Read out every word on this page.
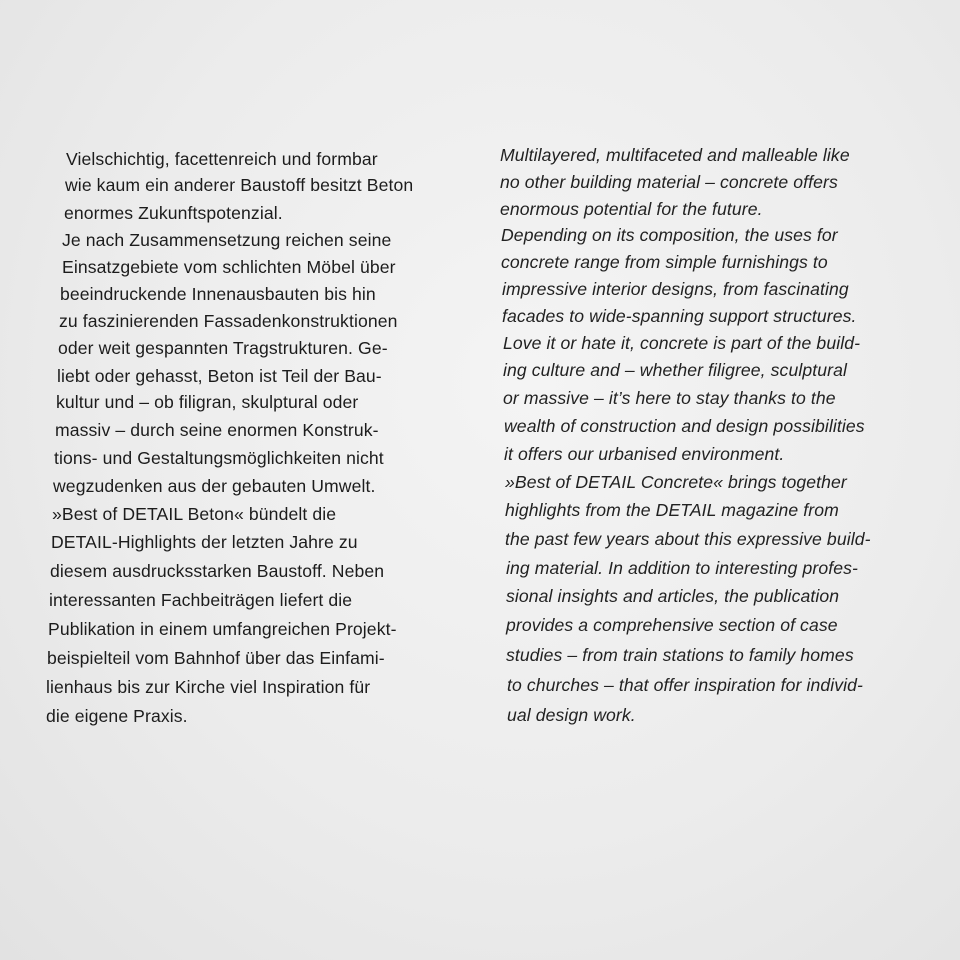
Vielschichtig, facettenreich und formbar
wie kaum ein anderer Baustoff besitzt Beton
enormes Zukunftspotenzial.
Je nach Zusammensetzung reichen seine
Einsatzgebiete vom schlichten Möbel über
beeindruckende Innenausbauten bis hin
zu faszinierenden Fassadenkonstruktionen
oder weit gespannten Tragstrukturen. Ge-
liebt oder gehasst, Beton ist Teil der Bau-
kultur und – ob filigran, skulptural oder
massiv – durch seine enormen Konstruk-
tions- und Gestaltungsmöglichkeiten nicht
wegzudenken aus der gebauten Umwelt.
»Best of DETAIL Beton« bündelt die
DETAIL-Highlights der letzten Jahre zu
diesem ausdrucksstarken Baustoff. Neben
interessanten Fachbeiträgen liefert die
Publikation in einem umfangreichen Projekt-
beispielteil vom Bahnhof über das Einfami-
lienhaus bis zur Kirche viel Inspiration für
die eigene Praxis.
Multilayered, multifaceted and malleable like
no other building material – concrete offers
enormous potential for the future.
Depending on its composition, the uses for
concrete range from simple furnishings to
impressive interior designs, from fascinating
facades to wide-spanning support structures.
Love it or hate it, concrete is part of the build-
ing culture and – whether filigree, sculptural
or massive – it’s here to stay thanks to the
wealth of construction and design possibilities
it offers our urbanised environment.
»Best of DETAIL Concrete« brings together
highlights from the DETAIL magazine from
the past few years about this expressive build-
ing material. In addition to interesting profes-
sional insights and articles, the publication
provides a comprehensive section of case
studies – from train stations to family homes
to churches – that offer inspiration for individ-
ual design work.
